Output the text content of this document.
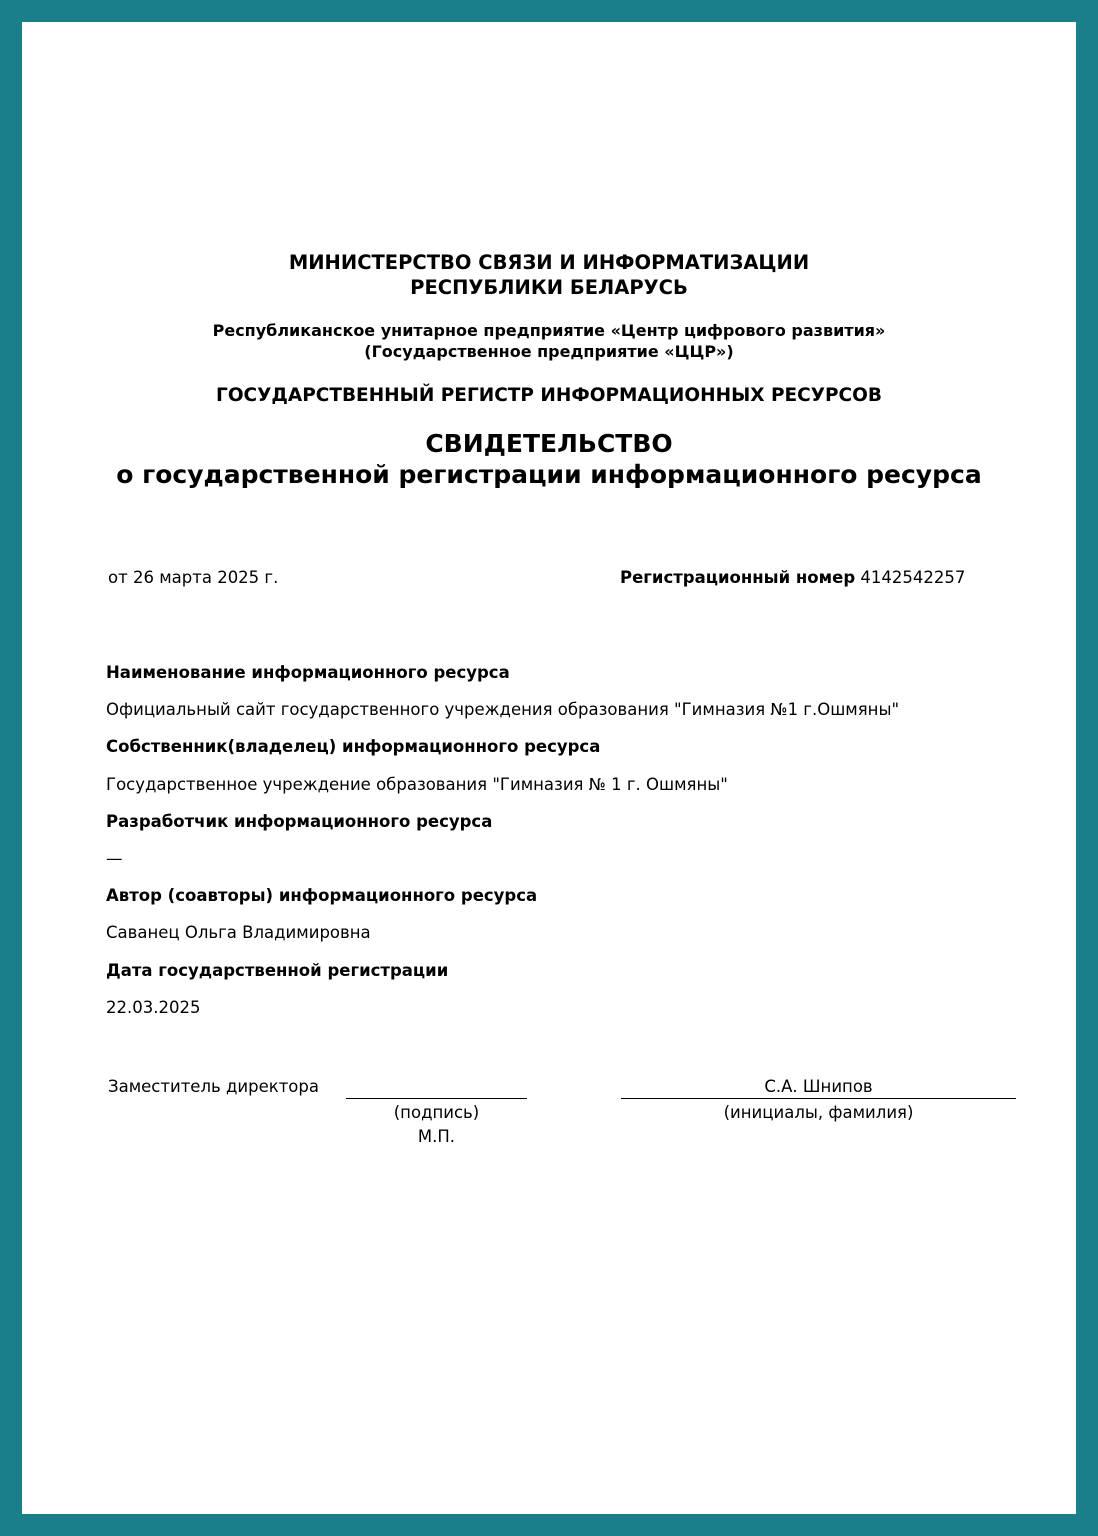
МИНИСТЕРСТВО СВЯЗИ И ИНФОРМАТИЗАЦИИ
РЕСПУБЛИКИ БЕЛАРУСЬ
Республиканское унитарное предприятие «Центр цифрового развития»
(Государственное предприятие «ЦЦР»)
ГОСУДАРСТВЕННЫЙ РЕГИСТР ИНФОРМАЦИОННЫХ РЕСУРСОВ
СВИДЕТЕЛЬСТВО
о государственной регистрации информационного ресурса
от 26 марта 2025 г.	Регистрационный номер 4142542257
Наименование информационного ресурса
Официальный сайт государственного учреждения образования "Гимназия №1 г.Ошмяны"
Собственник(владелец) информационного ресурса
Государственное учреждение образования "Гимназия № 1 г. Ошмяны"
Разработчик информационного ресурса
—
Автор (соавторы) информационного ресурса
Саванец Ольга Владимировна
Дата государственной регистрации
22.03.2025
Заместитель директора
(подпись)
М.П.
С.А. Шнипов
(инициалы, фамилия)
